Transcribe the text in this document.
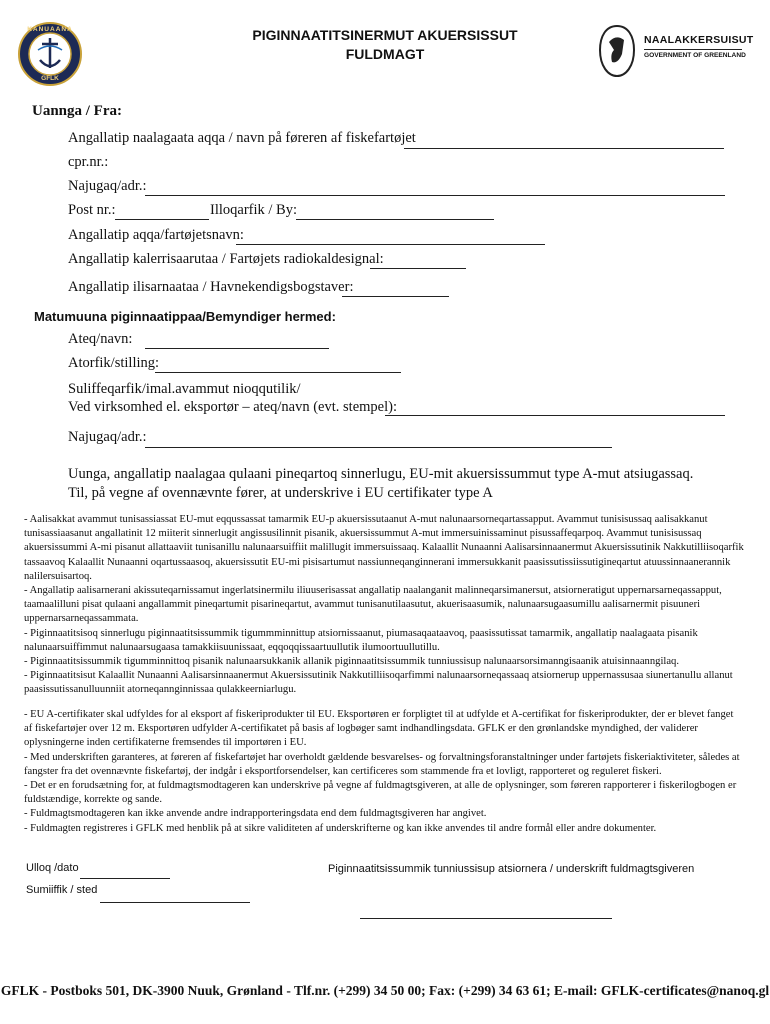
KANUAANA
GFLK
PIGINNAATITSINERMUT AKUERSISSUT
FULDMAGT
NAALAKKERSUISUT
GOVERNMENT OF GREENLAND
Uannga / Fra:
Angallatip naalagaata aqqa / navn på føreren af fiskefartøjet
cpr.nr.:
Najugaq/adr.:
Post nr.:	Illoqarfik / By:
Angallatip aqqa/fartøjetsnavn:
Angallatip kalerrisaarutaa / Fartøjets radiokaldesignal:
Angallatip ilisarnaataa / Havnekendigsbogstaver:
Matumuuna piginnaatippaa/Bemyndiger hermed:
Ateq/navn:
Atorfik/stilling:
Suliffeqarfik/imal.avammut nioqqutilik/
Ved virksomhed el. eksportør – ateq/navn (evt. stempel):
Najugaq/adr.:
Uunga, angallatip naalagaa qulaani pineqartoq sinnerlugu, EU-mit akuersissummut type A-mut atsiugassaq.
Til, på vegne af ovennævnte fører, at underskrive i EU certifikater type A

- Aalisakkat avammut tunisassiassat EU-mut eqqussassat tamarmik EU-p akuersissutaanut A-mut nalunaarsorneqartassapput. Avammut tunisisussaq aalisakkanut tunisassiaasanut angallatinit 12 miiterit sinnerlugit angissusilinnit pisanik, akuersissummut A-mut immersuinissaminut pisussaffeqarpoq. Avammut tunisisussaq akuersissummi A-mi pisanut allattaaviit tunisanillu nalunaarsuiffiit malillugit immersuissaaq. Kalaallit Nunaanni Aalisarsinnaanermut Akuersissutinik Nakkutilliisoqarfik tassaavoq Kalaallit Nunaanni oqartussaasoq, akuersissutit EU-mi pisisartumut nassiunneqanginnerani immersukkanit paasissutissiissutigineqartut atuussinnaanerannik nalilersuisartoq.

- Angallatip aalisarnerani akissuteqarnissamut ingerlatsinermilu iliuuserisassat angallatip naalanganit malinneqarsimanersut, atsiorneratigut uppernarsarneqassapput, taamaalilluni pisat qulaani angallammit pineqartumit pisarineqartut, avammut tunisanutilaasutut, akuerisaasumik, nalunaarsugaasumillu aalisarnermit pisuuneri uppernarsarneqassammata.

- Piginnaatitsisoq sinnerlugu piginnaatitsissummik tigummminnittup atsiornissaanut, piumasaqaataavoq, paasissutissat tamarmik, angallatip naalagaata pisanik nalunaarsuiffimmut nalunaarsugaasa tamakkiisuunissaat, eqqoqqissaartuullutik ilumoortuullutillu.

- Piginnaatitsissummik tigumminnittoq pisanik nalunaarsukkanik allanik piginnaatitsissummik tunniussisup nalunaarsorsimanngisaanik atuisinnaanngilaq.

- Piginnaatitsisut Kalaallit Nunaanni Aalisarsinnaanermut Akuersissutinik Nakkutilliisoqarfimmi nalunaarsorneqassaaq atsiornerup uppernassusaa siunertanullu allanut paasissutissanulluunniit atorneqannginnissaa qulakkeerniarlugu.

- EU A-certifikater skal udfyldes for al eksport af fiskeriprodukter til EU. Eksportøren er forpligtet til at udfylde et A-certifikat for fiskeriprodukter, der er blevet fanget af fiskefartøjer over 12 m. Eksportøren udfylder A-certifikatet på basis af logbøger samt indhandlingsdata. GFLK er den grønlandske myndighed, der validerer oplysningerne inden certifikaterne fremsendes til importøren i EU.

- Med underskriften garanteres, at føreren af fiskefartøjet har overholdt gældende besvarelses- og forvaltningsforanstaltninger under fartøjets fiskeriaktiviteter, således at fangster fra det ovennævnte fiskefartøj, der indgår i eksportforsendelser, kan certificeres som stammende fra et lovligt, rapporteret og reguleret fiskeri.

- Det er en forudsætning for, at fuldmagtsmodtageren kan underskrive på vegne af fuldmagtsgiveren, at alle de oplysninger, som føreren rapporterer i fiskerilogbogen er fuldstændige, korrekte og sande.

- Fuldmagtsmodtageren kan ikke anvende andre indrapporteringsdata end dem fuldmagtsgiveren har angivet.

- Fuldmagten registreres i GFLK med henblik på at sikre validiteten af underskrifterne og kan ikke anvendes til andre formål eller andre dokumenter.

Ulloq /dato
Sumiiffik / sted
Piginnaatitsissummik tunniussisup atsiornera / underskrift fuldmagtsgiveren
GFLK - Postboks 501, DK-3900 Nuuk, Grønland - Tlf.nr. (+299) 34 50 00; Fax: (+299) 34 63 61; E-mail: GFLK-certificates@nanoq.gl
